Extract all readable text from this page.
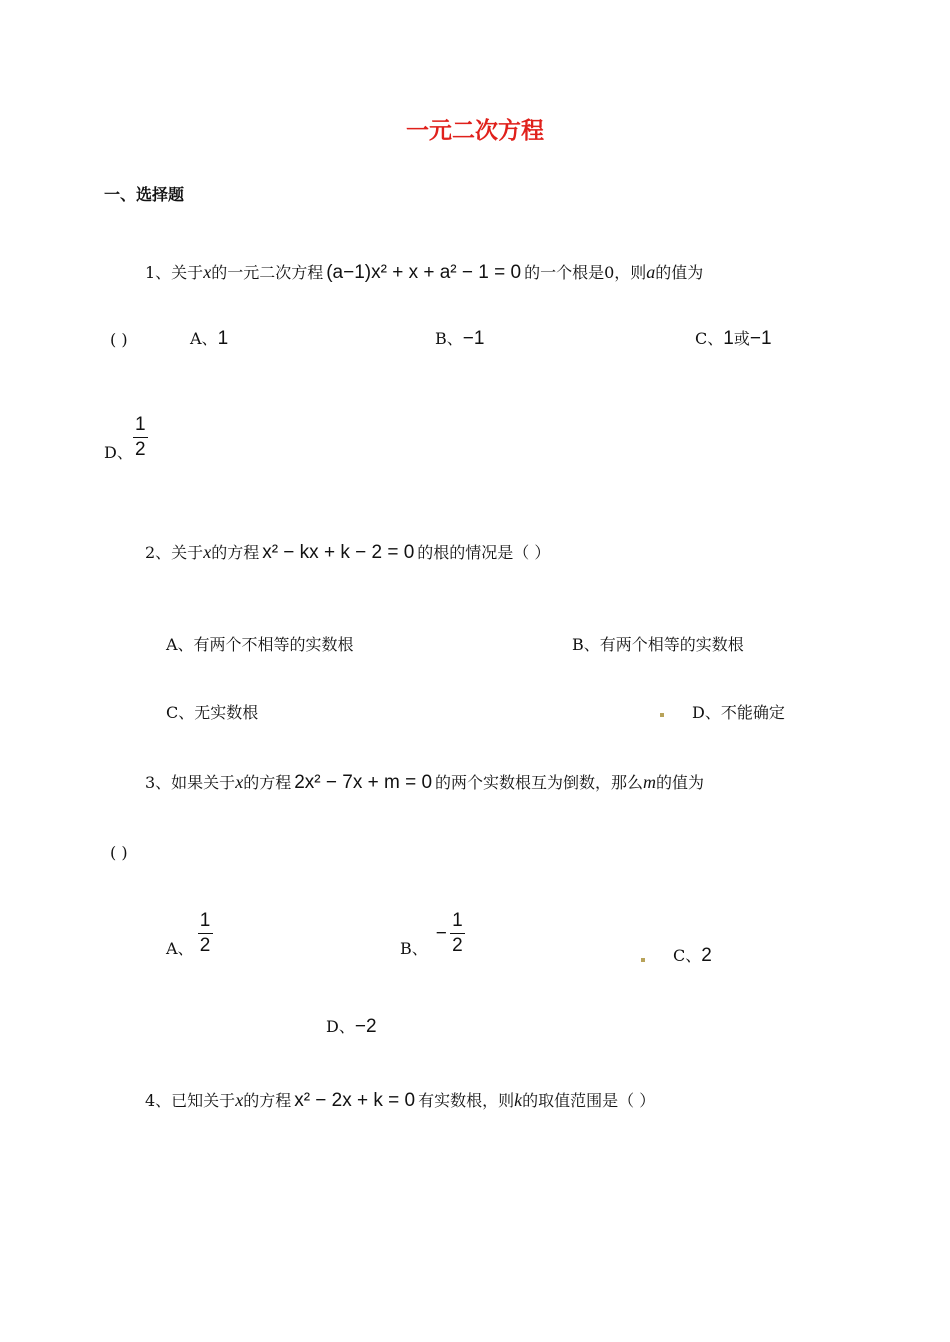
一元二次方程
一、选择题
1、关于 x 的一元二次方程 (a−1)x² + x + a² − 1 = 0 的一个根是0，则 a 的值为
( )	A、 1	B、 −1	C、 1 或 −1
D、 $\frac{1}{2}$
2、关于 x 的方程 x² − kx + k − 2 = 0 的根的情况是（ ）
A、有两个不相等的实数根	B、有两个相等的实数根
C、无实数根	D、不能确定
3、如果关于 x 的方程 2x² − 7x + m = 0 的两个实数根互为倒数，那么 m 的值为
( )
A、 $\frac{1}{2}$	B、
− $\frac{1}{2}$	C、 2
D、 −2
4、已知关于 x 的方程 x² − 2x + k = 0 有实数根，则 k 的取值范围是（ ）
